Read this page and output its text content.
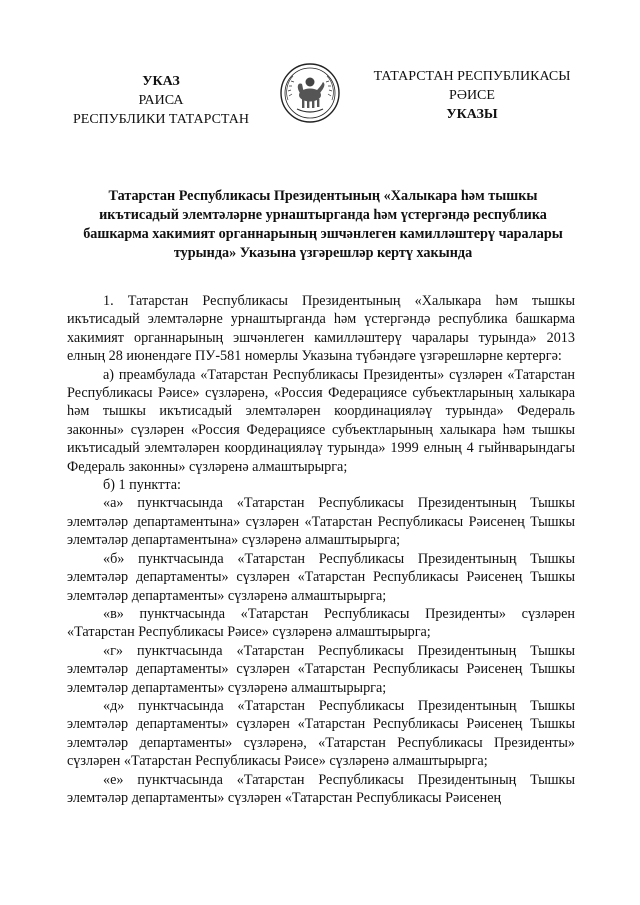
УКАЗ
РАИСА
РЕСПУБЛИКИ ТАТАРСТАН
ТАТАРСТАН РЕСПУБЛИКАСЫ
РӘИСЕ
УКАЗЫ
Татарстан Республикасы Президентының «Халыкара һәм тышкы икътисадый элемтәләрне урнаштырганда һәм үстергәндә республика башкарма хакимият органнарының эшчәнлеген камилләштерү чаралары турында» Указына үзгәрешләр кертү хакында

1. Татарстан Республикасы Президентының «Халыкара һәм тышкы икътисадый элемтәләрне урнаштырганда һәм үстергәндә республика башкарма хакимият органнарының эшчәнлеген камилләштерү чаралары турында» 2013 елның 28 июнендәге ПУ-581 номерлы Указына түбәндәге үзгәрешләрне кертергә:

а) преамбулада «Татарстан Республикасы Президенты» сүзләрен «Татарстан Республикасы Рәисе» сүзләренә, «Россия Федерациясе субъектларының халыкара һәм тышкы икътисадый элемтәләрен координацияләү турында» Федераль законны» сүзләрен «Россия Федерациясе субъектларының халыкара һәм тышкы икътисадый элемтәләрен координацияләү турында» 1999 елның 4 гыйнварындагы Федераль законны» сүзләренә алмаштырырга;

б) 1 пунктта:

«а» пунктчасында «Татарстан Республикасы Президентының Тышкы элемтәләр департаментына» сүзләрен «Татарстан Республикасы Рәисенең Тышкы элемтәләр департаментына» сүзләренә алмаштырырга;

«б» пунктчасында «Татарстан Республикасы Президентының Тышкы элемтәләр департаменты» сүзләрен «Татарстан Республикасы Рәисенең Тышкы элемтәләр департаменты» сүзләренә алмаштырырга;

«в» пунктчасында «Татарстан Республикасы Президенты» сүзләрен «Татарстан Республикасы Рәисе» сүзләренә алмаштырырга;

«г» пунктчасында «Татарстан Республикасы Президентының Тышкы элемтәләр департаменты» сүзләрен «Татарстан Республикасы Рәисенең Тышкы элемтәләр департаменты» сүзләренә алмаштырырга;

«д» пунктчасында «Татарстан Республикасы Президентының Тышкы элемтәләр департаменты» сүзләрен «Татарстан Республикасы Рәисенең Тышкы элемтәләр департаменты» сүзләренә, «Татарстан Республикасы Президенты» сүзләрен «Татарстан Республикасы Рәисе» сүзләренә алмаштырырга;

«е» пунктчасында «Татарстан Республикасы Президентының Тышкы элемтәләр департаменты» сүзләрен «Татарстан Республикасы Рәисенең
